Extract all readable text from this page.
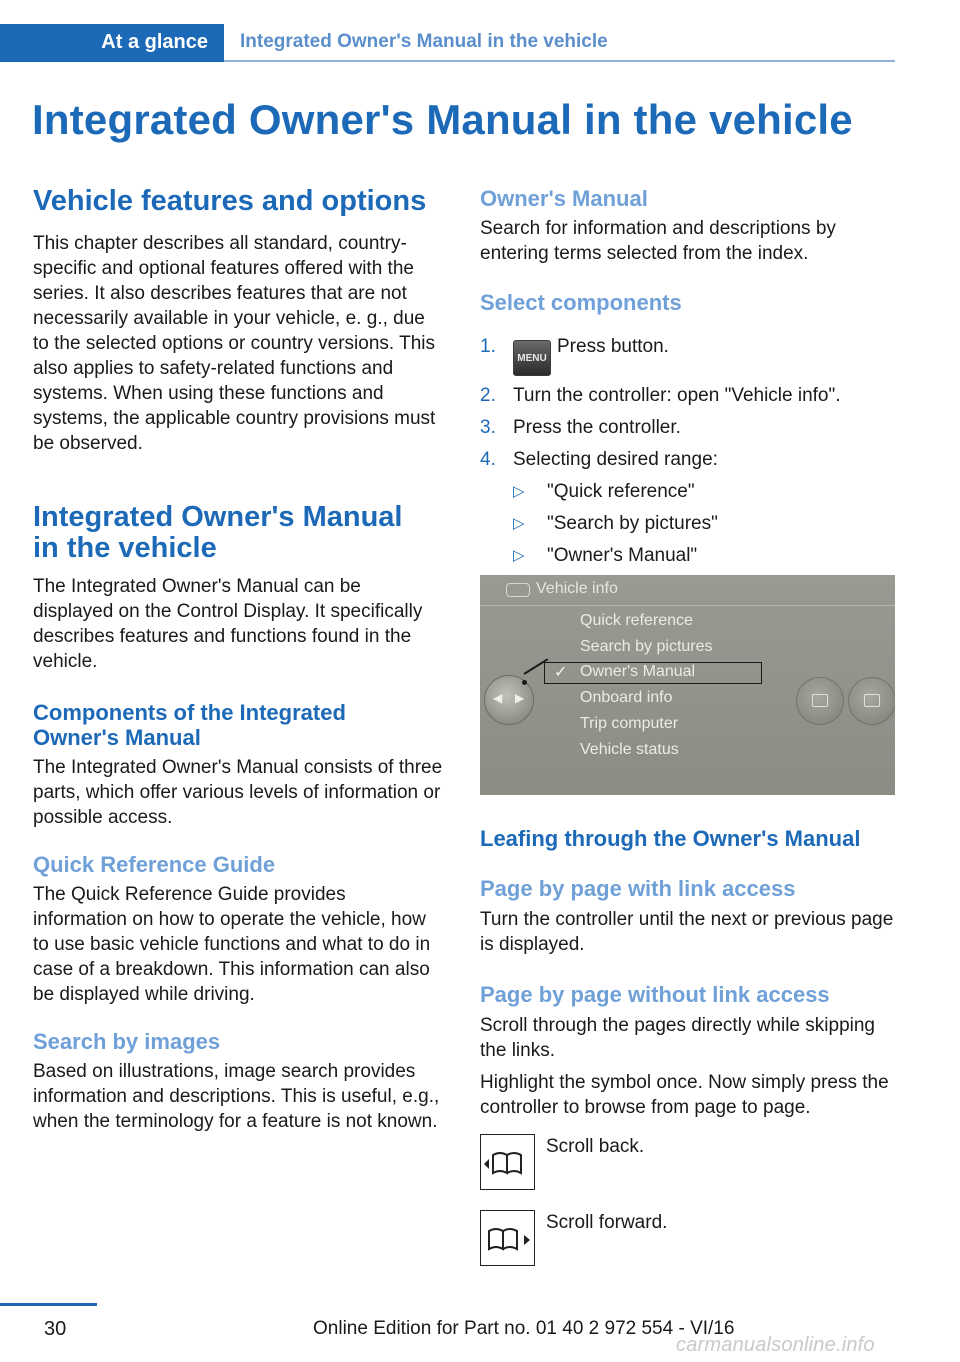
At a glance Integrated Owner's Manual in the vehicle
Integrated Owner's Manual in the vehicle
Vehicle features and options
This chapter describes all standard, country-specific and optional features offered with the series. It also describes features that are not necessarily available in your vehicle, e. g., due to the selected options or country versions. This also applies to safety-related functions and systems. When using these functions and systems, the applicable country provisions must be observed.
Integrated Owner's Manual
in the vehicle
The Integrated Owner's Manual can be displayed on the Control Display. It specifically describes features and functions found in the vehicle.
Components of the Integrated
Owner's Manual
The Integrated Owner's Manual consists of three parts, which offer various levels of information or possible access.
Quick Reference Guide
The Quick Reference Guide provides information on how to operate the vehicle, how to use basic vehicle functions and what to do in case of a breakdown. This information can also be displayed while driving.
Search by images
Based on illustrations, image search provides information and descriptions. This is useful, e.g., when the terminology for a feature is not known.
Owner's Manual
Search for information and descriptions by entering terms selected from the index.
Select components
1.
MENUPress button.
2. Turn the controller: open "Vehicle info".
3. Press the controller.
4. Selecting desired range:
▷ "Quick reference"
▷ "Search by pictures"
▷ "Owner's Manual"
Vehicle info
Quick reference
Search by pictures
✓ Owner's Manual
Onboard info
Trip computer
Vehicle status
◀ ▶
Leafing through the Owner's Manual
Page by page with link access
Turn the controller until the next or previous page is displayed.
Page by page without link access
Scroll through the pages directly while skipping the links.
Highlight the symbol once. Now simply press the controller to browse from page to page.
Scroll back.
Scroll forward.
30	Online Edition for Part no. 01 40 2 972 554 - VI/16
carmanualsonline.info
